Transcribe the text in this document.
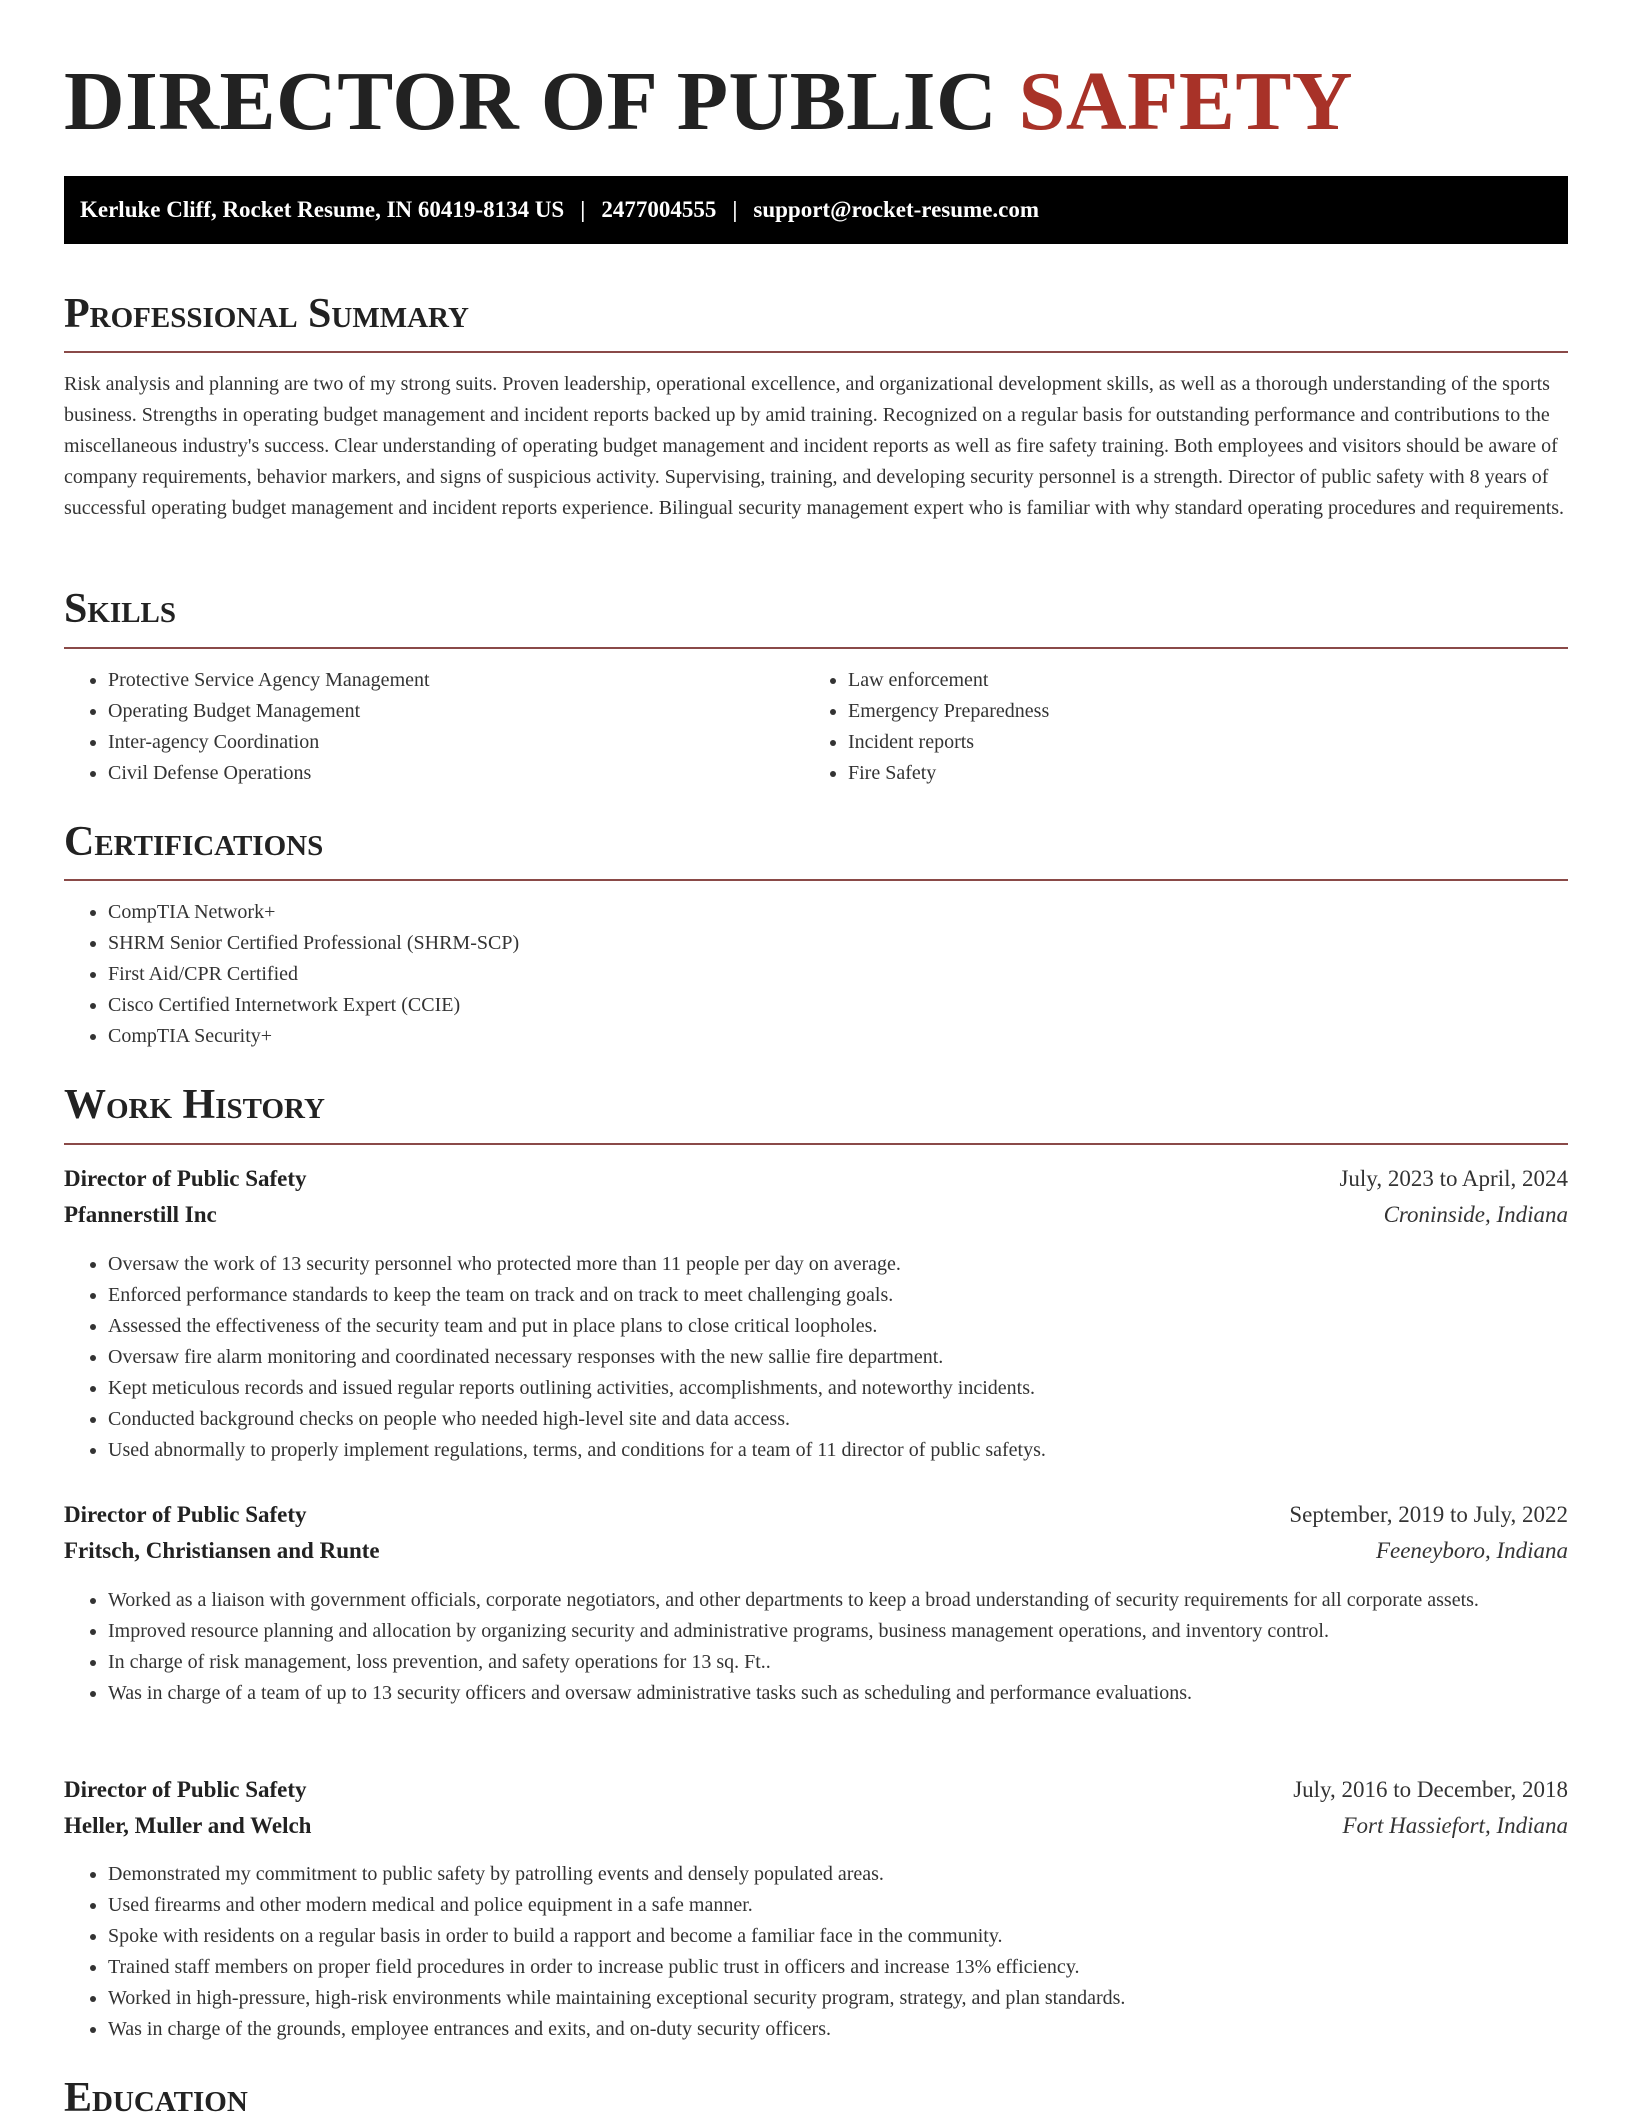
DIRECTOR OF PUBLIC SAFETY
Kerluke Cliff, Rocket Resume, IN 60419-8134 US | 2477004555 | support@rocket-resume.com
Professional Summary

Risk analysis and planning are two of my strong suits. Proven leadership, operational excellence, and organizational development skills, as well as a thorough understanding of the sports business. Strengths in operating budget management and incident reports backed up by amid training. Recognized on a regular basis for outstanding performance and contributions to the miscellaneous industry's success. Clear understanding of operating budget management and incident reports as well as fire safety training. Both employees and visitors should be aware of company requirements, behavior markers, and signs of suspicious activity. Supervising, training, and developing security personnel is a strength. Director of public safety with 8 years of successful operating budget management and incident reports experience. Bilingual security management expert who is familiar with why standard operating procedures and requirements.

Skills
• Protective Service Agency Management
• Operating Budget Management
• Inter-agency Coordination
• Civil Defense Operations
• Law enforcement
• Emergency Preparedness
• Incident reports
• Fire Safety
Certifications
• CompTIA Network+
• SHRM Senior Certified Professional (SHRM-SCP)
• First Aid/CPR Certified
• Cisco Certified Internetwork Expert (CCIE)
• CompTIA Security+
Work History
Director of Public Safety	July, 2023 to April, 2024
Pfannerstill Inc	Croninside, Indiana
• Oversaw the work of 13 security personnel who protected more than 11 people per day on average.
• Enforced performance standards to keep the team on track and on track to meet challenging goals.
• Assessed the effectiveness of the security team and put in place plans to close critical loopholes.
• Oversaw fire alarm monitoring and coordinated necessary responses with the new sallie fire department.
• Kept meticulous records and issued regular reports outlining activities, accomplishments, and noteworthy incidents.
• Conducted background checks on people who needed high-level site and data access.
• Used abnormally to properly implement regulations, terms, and conditions for a team of 11 director of public safetys.
Director of Public Safety	September, 2019 to July, 2022
Fritsch, Christiansen and Runte	Feeneyboro, Indiana
• Worked as a liaison with government officials, corporate negotiators, and other departments to keep a broad understanding of security requirements for all corporate assets.
• Improved resource planning and allocation by organizing security and administrative programs, business management operations, and inventory control.
• In charge of risk management, loss prevention, and safety operations for 13 sq. Ft..
• Was in charge of a team of up to 13 security officers and oversaw administrative tasks such as scheduling and performance evaluations.
Director of Public Safety	July, 2016 to December, 2018
Heller, Muller and Welch	Fort Hassiefort, Indiana
• Demonstrated my commitment to public safety by patrolling events and densely populated areas.
• Used firearms and other modern medical and police equipment in a safe manner.
• Spoke with residents on a regular basis in order to build a rapport and become a familiar face in the community.
• Trained staff members on proper field procedures in order to increase public trust in officers and increase 13% efficiency.
• Worked in high-pressure, high-risk environments while maintaining exceptional security program, strategy, and plan standards.
• Was in charge of the grounds, employee entrances and exits, and on-duty security officers.
Education
